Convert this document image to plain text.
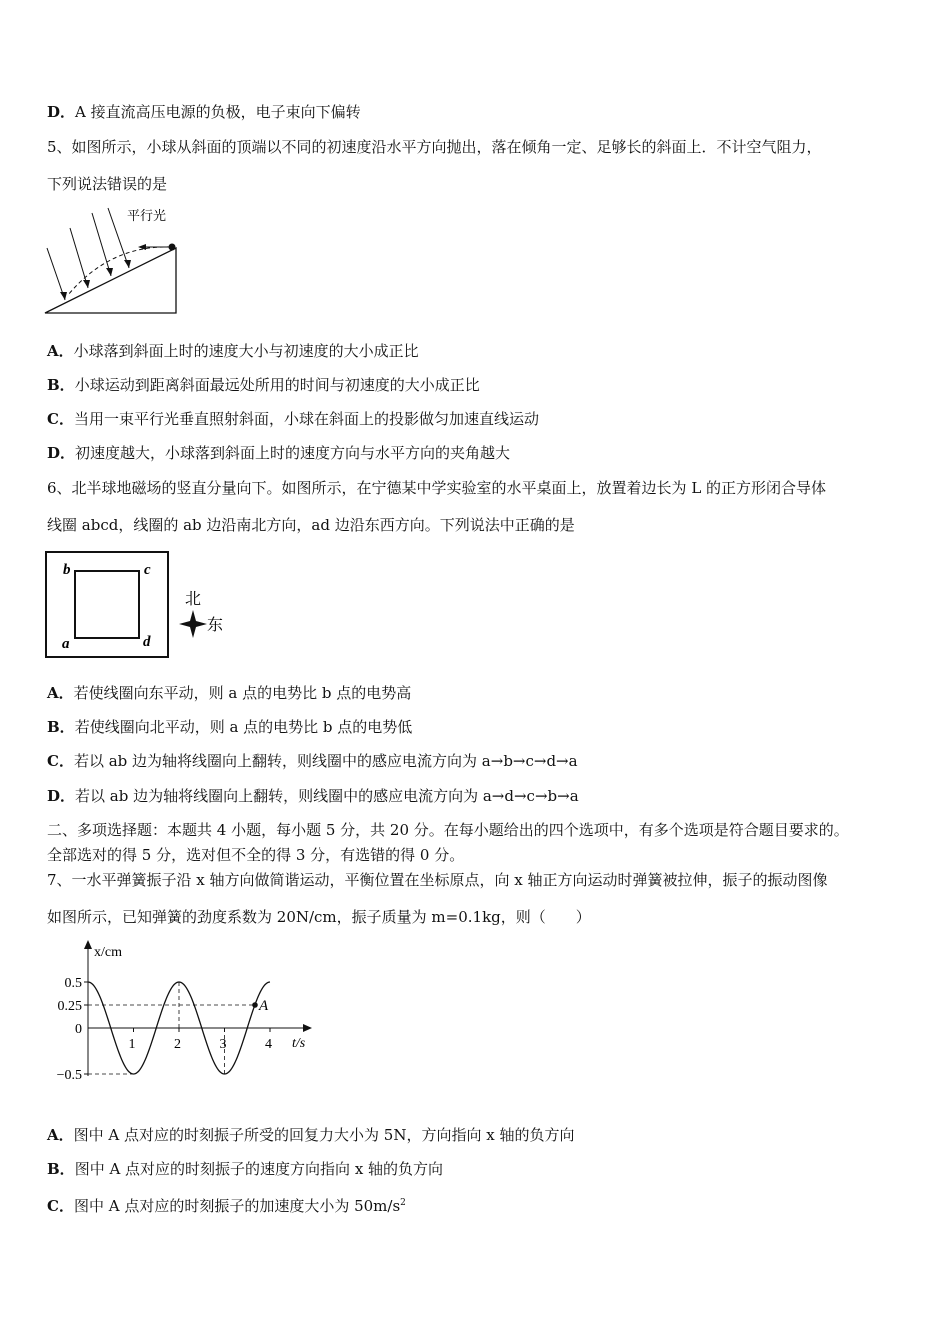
D．A 接直流高压电源的负极，电子束向下偏转
5、如图所示，小球从斜面的顶端以不同的初速度沿水平方向抛出，落在倾角一定、足够长的斜面上．不计空气阻力，
下列说法错误的是
平行光
A．小球落到斜面上时的速度大小与初速度的大小成正比
B．小球运动到距离斜面最远处所用的时间与初速度的大小成正比
C．当用一束平行光垂直照射斜面，小球在斜面上的投影做匀加速直线运动
D．初速度越大，小球落到斜面上时的速度方向与水平方向的夹角越大
6、北半球地磁场的竖直分量向下。如图所示，在宁德某中学实验室的水平桌面上，放置着边长为 L 的正方形闭合导体
线圈 abcd，线圈的 ab 边沿南北方向，ad 边沿东西方向。下列说法中正确的是
b	c
a	d
北
东
A．若使线圈向东平动，则 a 点的电势比 b 点的电势高
B．若使线圈向北平动，则 a 点的电势比 b 点的电势低
C．若以 ab 边为轴将线圈向上翻转，则线圈中的感应电流方向为 a→b→c→d→a
D．若以 ab 边为轴将线圈向上翻转，则线圈中的感应电流方向为 a→d→c→b→a
二、多项选择题：本题共 4 小题，每小题 5 分，共 20 分。在每小题给出的四个选项中，有多个选项是符合题目要求的。
全部选对的得 5 分，选对但不全的得 3 分，有选错的得 0 分。
7、一水平弹簧振子沿 x 轴方向做简谐运动，平衡位置在坐标原点，向 x 轴正方向运动时弹簧被拉伸，振子的振动图像
如图所示，已知弹簧的劲度系数为 20N/cm，振子质量为 m=0.1kg，则（　　）
x/cm
t/s
0.5
0.25
0
−0.5
1	2	3	4
A
A．图中 A 点对应的时刻振子所受的回复力大小为 5N，方向指向 x 轴的负方向
B．图中 A 点对应的时刻振子的速度方向指向 x 轴的负方向
C．图中 A 点对应的时刻振子的加速度大小为 $50m/s^2$
